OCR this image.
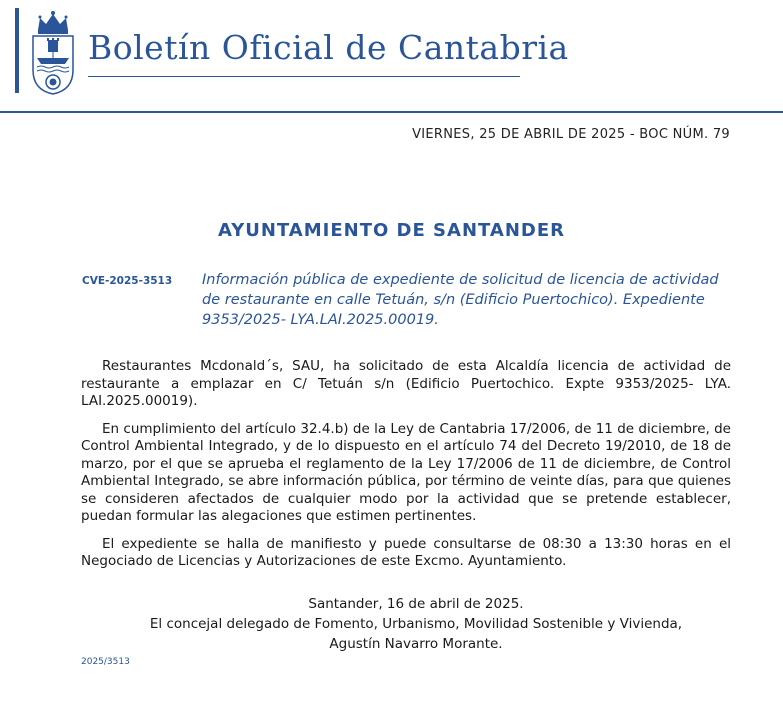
Boletín Oficial de Cantabria
VIERNES, 25 DE ABRIL DE 2025 - BOC NÚM. 79
AYUNTAMIENTO DE SANTANDER
CVE-2025-3513 Información pública de expediente de solicitud de licencia de actividad de restaurante en calle Tetuán, s/n (Edificio Puertochico). Expediente 9353/2025- LYA.LAI.2025.00019.

Restaurantes Mcdonald´s, SAU, ha solicitado de esta Alcaldía licencia de actividad de restaurante a emplazar en C/ Tetuán s/n (Edificio Puertochico. Expte 9353/2025- LYA. LAI.2025.00019).

En cumplimiento del artículo 32.4.b) de la Ley de Cantabria 17/2006, de 11 de diciembre, de Control Ambiental Integrado, y de lo dispuesto en el artículo 74 del Decreto 19/2010, de 18 de marzo, por el que se aprueba el reglamento de la Ley 17/2006 de 11 de diciembre, de Control Ambiental Integrado, se abre información pública, por término de veinte días, para que quienes se consideren afectados de cualquier modo por la actividad que se pretende establecer, puedan formular las alegaciones que estimen pertinentes.

El expediente se halla de manifiesto y puede consultarse de 08:30 a 13:30 horas en el Negociado de Licencias y Autorizaciones de este Excmo. Ayuntamiento.

Santander, 16 de abril de 2025.
El concejal delegado de Fomento, Urbanismo, Movilidad Sostenible y Vivienda,
Agustín Navarro Morante.
2025/3513
